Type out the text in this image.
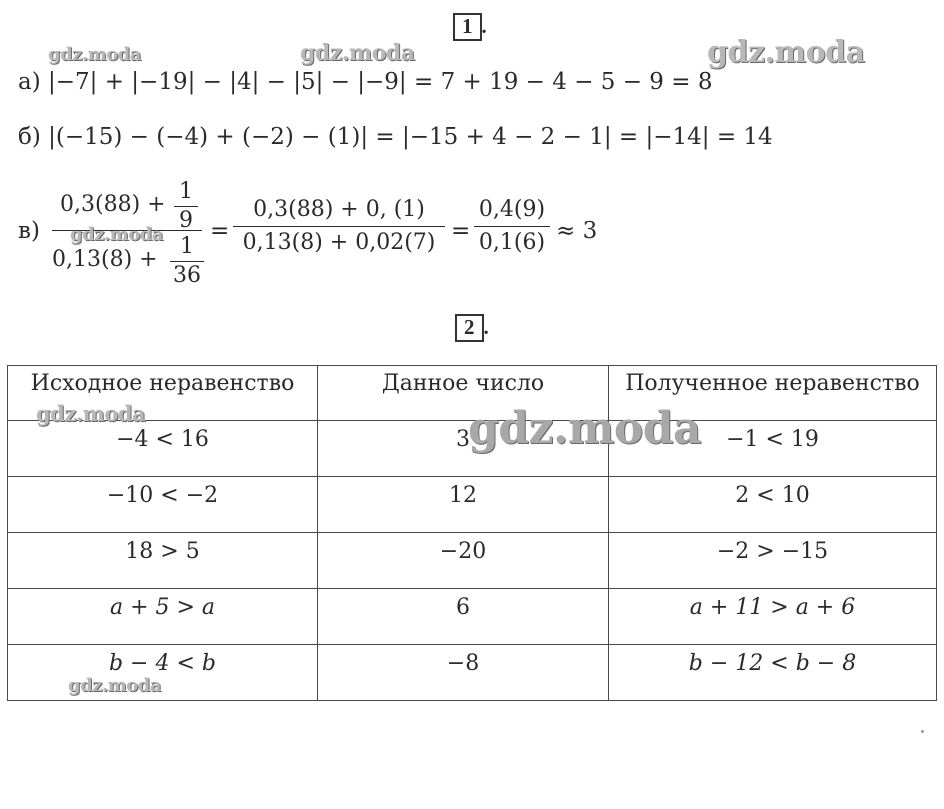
1 .
а) |−7| + |−19| − |4| − |5| − |−9| = 7 + 19 − 4 − 5 − 9 = 8
б) |(−15) − (−4) + (−2) − (1)| = |−15 + 4 − 2 − 1| = |−14| = 14
в)
0,3(88) +
1
9
0,13(8) +
1
36
=
0,3(88) + 0, (1)
0,13(8) + 0,02(7) =
0,4(9)
0,1(6) ≈ 3
2 .
Исходное неравенство	Данное число	Полученное неравенство
−4 < 16	3	−1 < 19
−10 < −2	12	2 < 10
18 > 5	−20	−2 > −15
a + 5 > a	6	a + 11 > a + 6
b − 4 < b	−8	b − 12 < b − 8
gdz.moda	gdz.moda	gdz.moda
gdz.moda
gdz.moda	gdz.moda
gdz.moda
